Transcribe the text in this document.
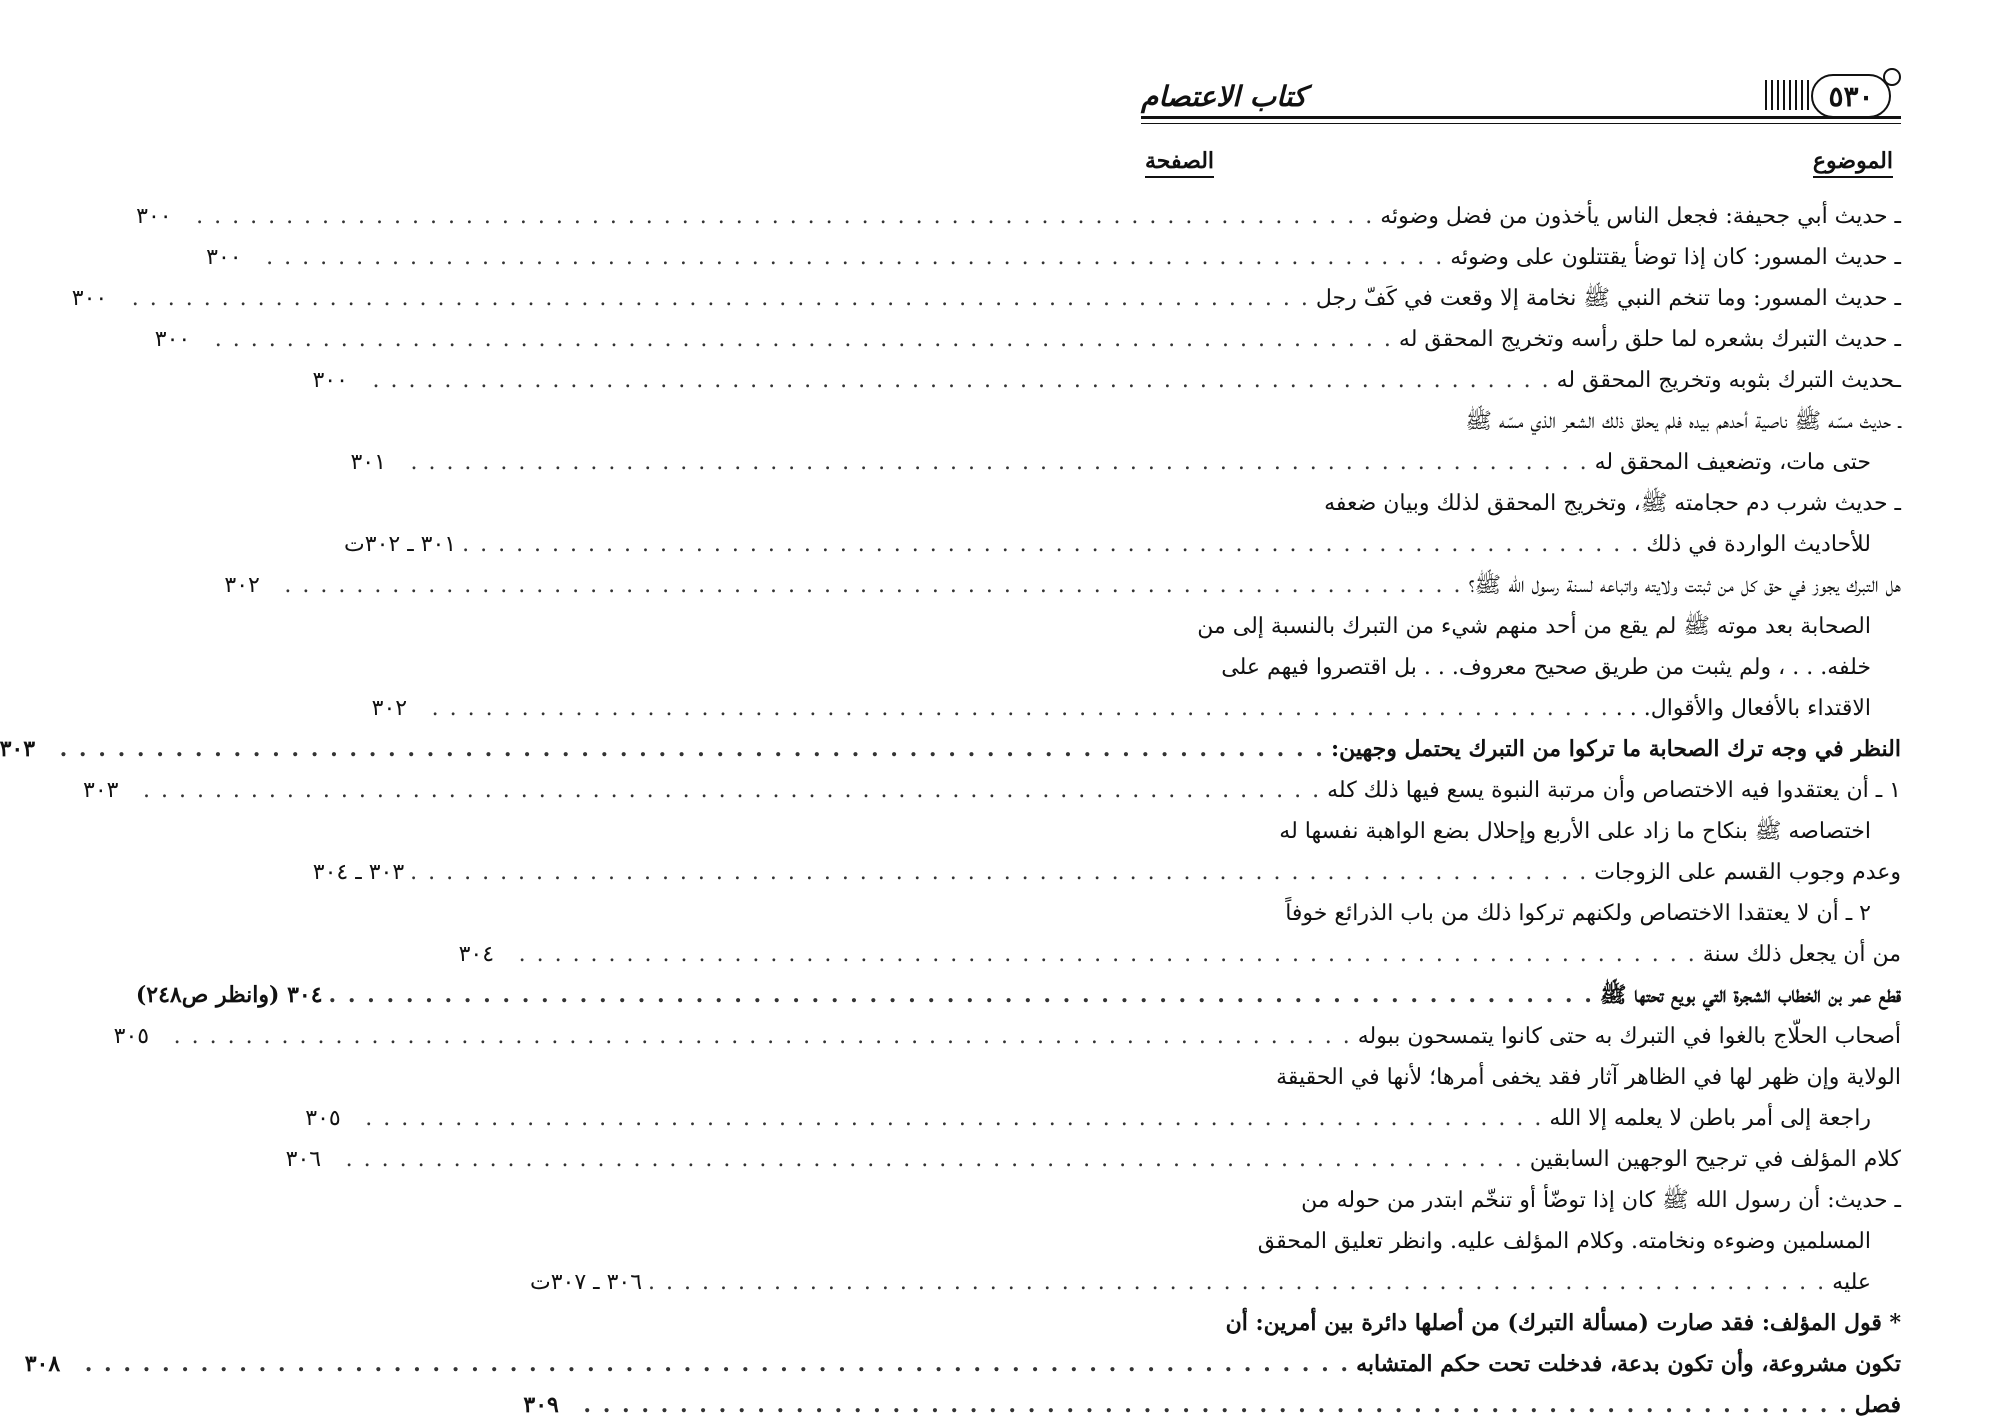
كتاب الاعتصام	٥٣٠
الموضوع
الصفحة
ـ حديث أبي جحيفة: فجعل الناس يأخذون من فضل وضوئه
. . .
٣٠٠
ـ حديث المسور: كان إذا توضأ يقتتلون على وضوئه
. . .
٣٠٠
ـ حديث المسور: وما تنخم النبي ﷺ نخامة إلا وقعت في كَفّ رجل
. . .
٣٠٠
ـ حديث التبرك بشعره لما حلق رأسه وتخريج المحقق له
. . .
٣٠٠
ـحديث التبرك بثوبه وتخريج المحقق له
. . .
٣٠٠
ـ حديث مسّه ﷺ ناصية أحدهم بيده فلم يحلق ذلك الشعر الذي مسّه ﷺ
حتى مات، وتضعيف المحقق له
. . .
٣٠١
ـ حديث شرب دم حجامته ﷺ، وتخريج المحقق لذلك وبيان ضعفه
للأحاديث الواردة في ذلك
. . .
٣٠١ ـ ٣٠٢ت
هل التبرك يجوز في حق كل من ثبتت ولايته واتباعه لسنة رسول الله ﷺ؟
. . .
٣٠٢
الصحابة بعد موته ﷺ لم يقع من أحد منهم شيء من التبرك بالنسبة إلى من
خلفه. . . ، ولم يثبت من طريق صحيح معروف. . . بل اقتصروا فيهم على
الاقتداء بالأفعال والأقوال. . .
. . .
٣٠٢
النظر في وجه ترك الصحابة ما تركوا من التبرك يحتمل وجهين:
. . .
٣٠٣
١ ـ أن يعتقدوا فيه الاختصاص وأن مرتبة النبوة يسع فيها ذلك كله
. . .
٣٠٣
اختصاصه ﷺ بنكاح ما زاد على الأربع وإحلال بضع الواهبة نفسها له
وعدم وجوب القسم على الزوجات
. . .
٣٠٣ ـ ٣٠٤
٢ ـ أن لا يعتقدا الاختصاص ولكنهم تركوا ذلك من باب الذرائع خوفاً
من أن يجعل ذلك سنة
. . .
٣٠٤
قطع عمر بن الخطاب الشجرة التي بويع تحتها ﷺ
. . .
٣٠٤ (وانظر ص٢٤٨)
أصحاب الحلّاج بالغوا في التبرك به حتى كانوا يتمسحون ببوله
. . .
٣٠٥
الولاية وإن ظهر لها في الظاهر آثار فقد يخفى أمرها؛ لأنها في الحقيقة
راجعة إلى أمر باطن لا يعلمه إلا الله
. . .
٣٠٥
كلام المؤلف في ترجيح الوجهين السابقين
. . .
٣٠٦
ـ حديث: أن رسول الله ﷺ كان إذا توضّأ أو تنخّم ابتدر من حوله من
المسلمين وضوءه ونخامته. وكلام المؤلف عليه. وانظر تعليق المحقق
عليه
. . .
٣٠٦ ـ ٣٠٧ت
* قول المؤلف: فقد صارت (مسألة التبرك) من أصلها دائرة بين أمرين: أن
تكون مشروعة، وأن تكون بدعة، فدخلت تحت حكم المتشابه
. . .
٣٠٨
فصل
. . .
٣٠٩
